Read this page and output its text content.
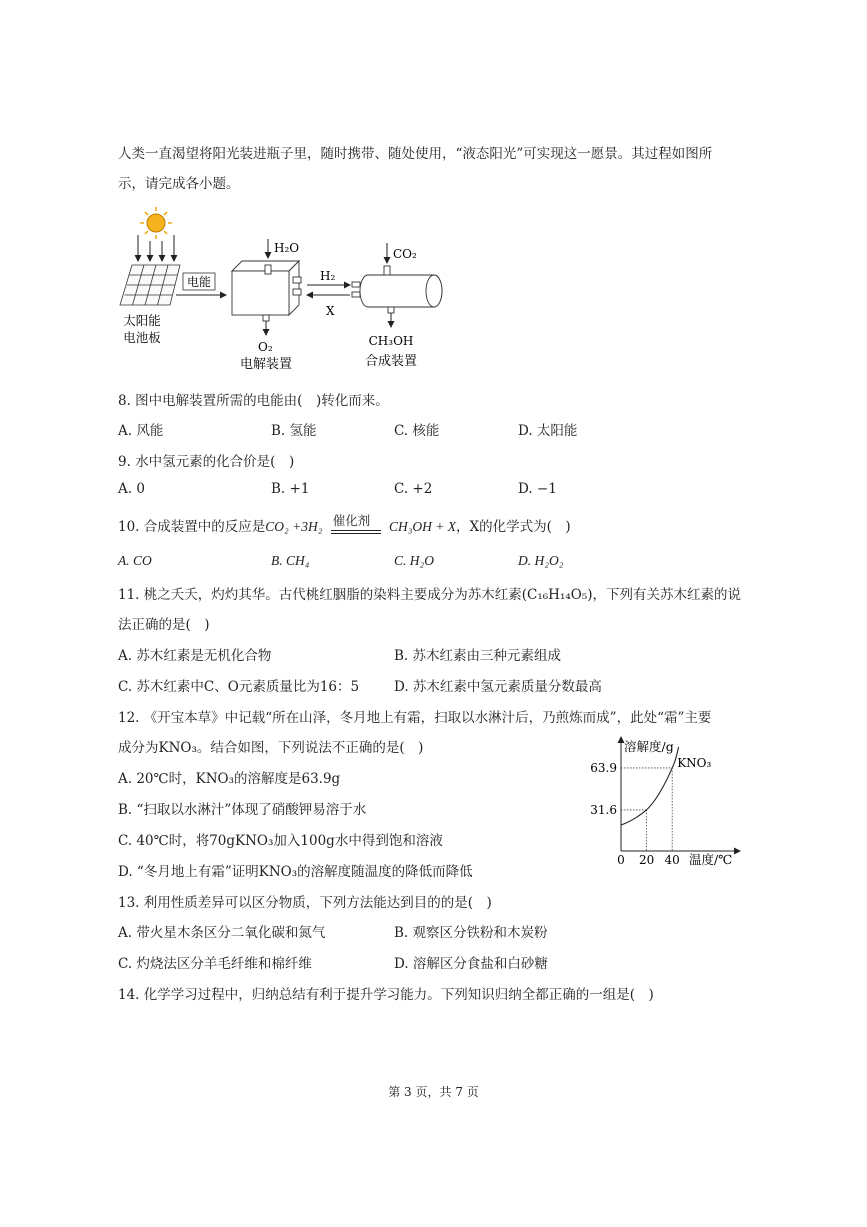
人类一直渴望将阳光装进瓶子里，随时携带、随处使用，“液态阳光”可实现这一愿景。其过程如图所
示，请完成各小题。
太阳能
电池板
电能
H₂O
O₂
电解装置
H₂
X
CO₂
CH₃OH
合成装置
8. 图中电解装置所需的电能由(　)转化而来。
A. 风能	B. 氢能	C. 核能	D. 太阳能
9. 水中氢元素的化合价是(　)
A. 0	B. +1	C. +2	D. −1
10. 合成装置中的反应是CO₂ +3H₂ 催化剂 CH₃OH + X，X的化学式为(　)
A. CO	B. CH₄	C. H₂O	D. H₂O₂
11. 桃之夭夭，灼灼其华。古代桃红胭脂的染料主要成分为苏木红素(C₁₆H₁₄O₅)，下列有关苏木红素的说
法正确的是(　)
A. 苏木红素是无机化合物	B. 苏木红素由三种元素组成
C. 苏木红素中C、O元素质量比为16：5	D. 苏木红素中氢元素质量分数最高
12. 《开宝本草》中记载“所在山泽，冬月地上有霜，扫取以水淋汁后，乃煎炼而成”，此处“霜”主要
成分为KNO₃。结合如图，下列说法不正确的是(　)
A. 20℃时，KNO₃的溶解度是63.9g
B. “扫取以水淋汁”体现了硝酸钾易溶于水
C. 40℃时，将70gKNO₃加入100g水中得到饱和溶液
D. “冬月地上有霜”证明KNO₃的溶解度随温度的降低而降低
溶解度/g
温度/℃
0 20 40
31.6
63.9	KNO₃
13. 利用性质差异可以区分物质，下列方法能达到目的的是(　)
A. 带火星木条区分二氧化碳和氮气	B. 观察区分铁粉和木炭粉
C. 灼烧法区分羊毛纤维和棉纤维	D. 溶解区分食盐和白砂糖
14. 化学学习过程中，归纳总结有利于提升学习能力。下列知识归纳全都正确的一组是(　)
第 3 页，共 7 页
